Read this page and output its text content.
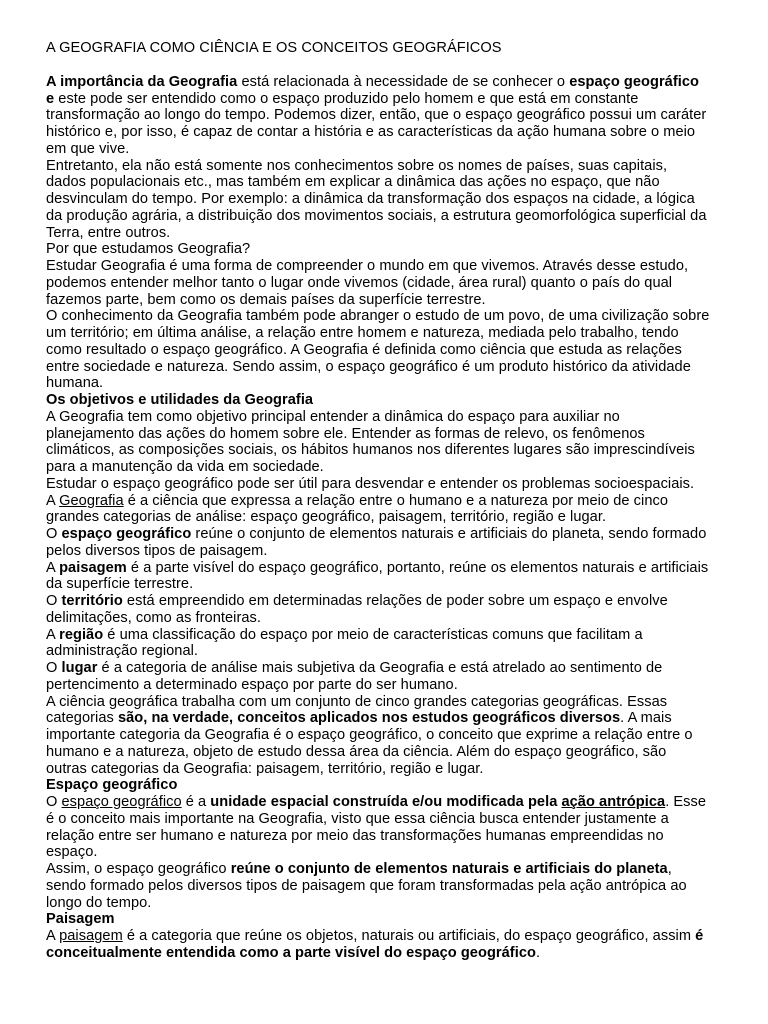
A GEOGRAFIA COMO CIÊNCIA E OS CONCEITOS GEOGRÁFICOS
A importância da Geografia está relacionada à necessidade de se conhecer o espaço geográfico e este pode ser entendido como o espaço produzido pelo homem e que está em constante transformação ao longo do tempo. Podemos dizer, então, que o espaço geográfico possui um caráter histórico e, por isso, é capaz de contar a história e as características da ação humana sobre o meio em que vive.
Entretanto, ela não está somente nos conhecimentos sobre os nomes de países, suas capitais, dados populacionais etc., mas também em explicar a dinâmica das ações no espaço, que não desvinculam do tempo. Por exemplo: a dinâmica da transformação dos espaços na cidade, a lógica da produção agrária, a distribuição dos movimentos sociais, a estrutura geomorfológica superficial da Terra, entre outros.
Por que estudamos Geografia?
Estudar Geografia é uma forma de compreender o mundo em que vivemos. Através desse estudo, podemos entender melhor tanto o lugar onde vivemos (cidade, área rural) quanto o país do qual fazemos parte, bem como os demais países da superfície terrestre.
O conhecimento da Geografia também pode abranger o estudo de um povo, de uma civilização sobre um território; em última análise, a relação entre homem e natureza, mediada pelo trabalho, tendo como resultado o espaço geográfico. A Geografia é definida como ciência que estuda as relações entre sociedade e natureza. Sendo assim, o espaço geográfico é um produto histórico da atividade humana.
Os objetivos e utilidades da Geografia
A Geografia tem como objetivo principal entender a dinâmica do espaço para auxiliar no planejamento das ações do homem sobre ele. Entender as formas de relevo, os fenômenos climáticos, as composições sociais, os hábitos humanos nos diferentes lugares são imprescindíveis para a manutenção da vida em sociedade.
Estudar o espaço geográfico pode ser útil para desvendar e entender os problemas socioespaciais.
A Geografia é a ciência que expressa a relação entre o humano e a natureza por meio de cinco grandes categorias de análise: espaço geográfico, paisagem, território, região e lugar.
O espaço geográfico reúne o conjunto de elementos naturais e artificiais do planeta, sendo formado pelos diversos tipos de paisagem.
A paisagem é a parte visível do espaço geográfico, portanto, reúne os elementos naturais e artificiais da superfície terrestre.
O território está empreendido em determinadas relações de poder sobre um espaço e envolve delimitações, como as fronteiras.
A região é uma classificação do espaço por meio de características comuns que facilitam a administração regional.
O lugar é a categoria de análise mais subjetiva da Geografia e está atrelado ao sentimento de pertencimento a determinado espaço por parte do ser humano.
A ciência geográfica trabalha com um conjunto de cinco grandes categorias geográficas. Essas categorias são, na verdade, conceitos aplicados nos estudos geográficos diversos. A mais importante categoria da Geografia é o espaço geográfico, o conceito que exprime a relação entre o humano e a natureza, objeto de estudo dessa área da ciência. Além do espaço geográfico, são outras categorias da Geografia: paisagem, território, região e lugar.
Espaço geográfico
O espaço geográfico é a unidade espacial construída e/ou modificada pela ação antrópica. Esse é o conceito mais importante na Geografia, visto que essa ciência busca entender justamente a relação entre ser humano e natureza por meio das transformações humanas empreendidas no espaço.
Assim, o espaço geográfico reúne o conjunto de elementos naturais e artificiais do planeta, sendo formado pelos diversos tipos de paisagem que foram transformadas pela ação antrópica ao longo do tempo.
Paisagem
A paisagem é a categoria que reúne os objetos, naturais ou artificiais, do espaço geográfico, assim é conceitualmente entendida como a parte visível do espaço geográfico.
